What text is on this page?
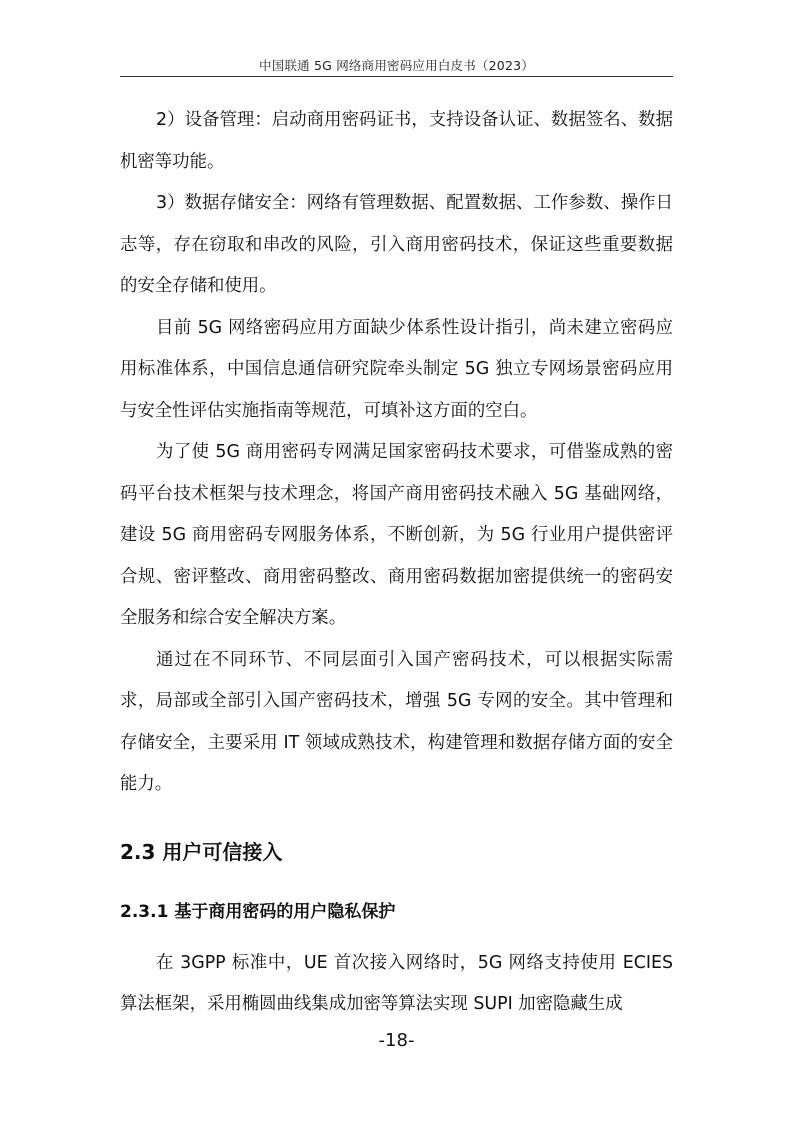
中国联通 5G 网络商用密码应用白皮书（2023）

2）设备管理：启动商用密码证书，支持设备认证、数据签名、数据机密等功能。

3）数据存储安全：网络有管理数据、配置数据、工作参数、操作日志等，存在窃取和串改的风险，引入商用密码技术，保证这些重要数据的安全存储和使用。

目前 5G 网络密码应用方面缺少体系性设计指引，尚未建立密码应用标准体系，中国信息通信研究院牵头制定 5G 独立专网场景密码应用与安全性评估实施指南等规范，可填补这方面的空白。

为了使 5G 商用密码专网满足国家密码技术要求，可借鉴成熟的密码平台技术框架与技术理念，将国产商用密码技术融入 5G 基础网络，建设 5G 商用密码专网服务体系，不断创新，为 5G 行业用户提供密评合规、密评整改、商用密码整改、商用密码数据加密提供统一的密码安全服务和综合安全解决方案。

通过在不同环节、不同层面引入国产密码技术，可以根据实际需求，局部或全部引入国产密码技术，增强 5G 专网的安全。其中管理和存储安全，主要采用 IT 领域成熟技术，构建管理和数据存储方面的安全能力。

2.3 用户可信接入
2.3.1 基于商用密码的用户隐私保护

在 3GPP 标准中，UE 首次接入网络时，5G 网络支持使用 ECIES 算法框架，采用椭圆曲线集成加密等算法实现 SUPI 加密隐藏生成

-18-
